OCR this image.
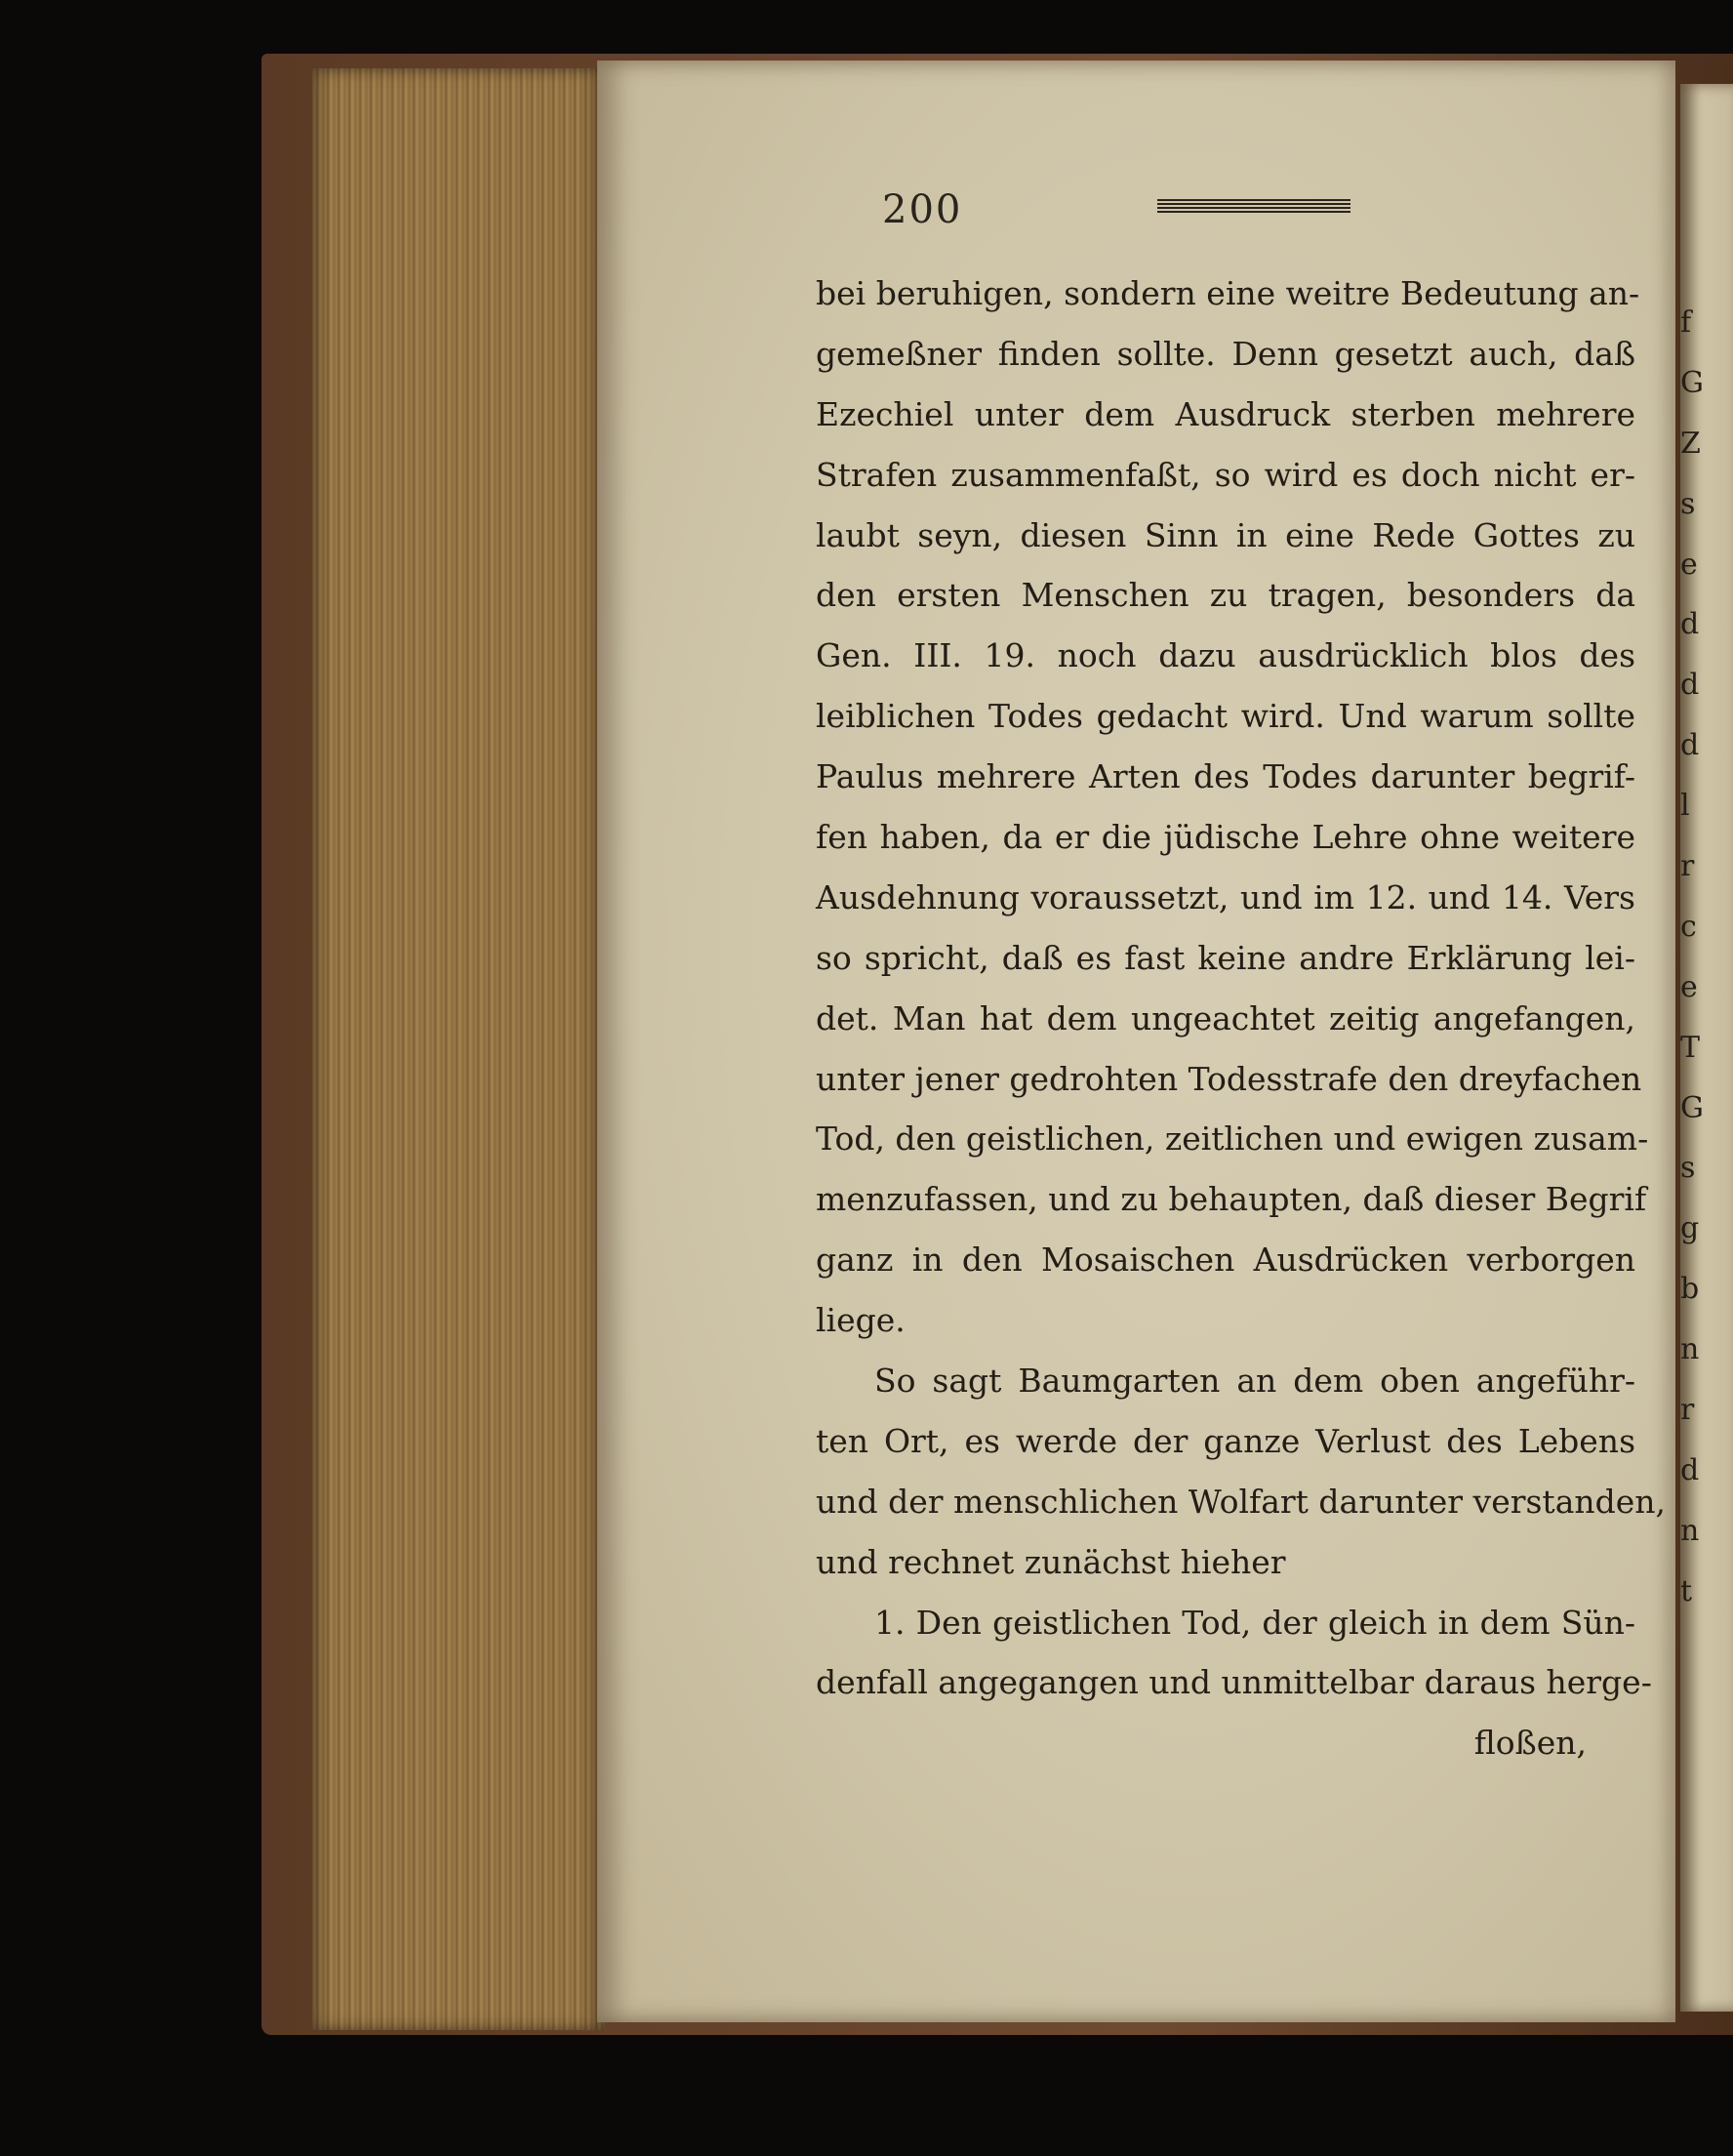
f
G
Z
s
e
d
d
d
l
r
c
e
T
G
s
g
b
n
r
d
n
t
200
bei beruhigen, sondern eine weitre Bedeutung an-
gemeßner finden sollte. Denn gesetzt auch, daß
Ezechiel unter dem Ausdruck sterben mehrere
Strafen zusammenfaßt, so wird es doch nicht er-
laubt seyn, diesen Sinn in eine Rede Gottes zu
den ersten Menschen zu tragen, besonders da
Gen. III. 19. noch dazu ausdrücklich blos des
leiblichen Todes gedacht wird. Und warum sollte
Paulus mehrere Arten des Todes darunter begrif-
fen haben, da er die jüdische Lehre ohne weitere
Ausdehnung voraussetzt, und im 12. und 14. Vers
so spricht, daß es fast keine andre Erklärung lei-
det. Man hat dem ungeachtet zeitig angefangen,
unter jener gedrohten Todesstrafe den dreyfachen
Tod, den geistlichen, zeitlichen und ewigen zusam-
menzufassen, und zu behaupten, daß dieser Begrif
ganz in den Mosaischen Ausdrücken verborgen
liege.
So sagt Baumgarten an dem oben angeführ-
ten Ort, es werde der ganze Verlust des Lebens
und der menschlichen Wolfart darunter verstanden,
und rechnet zunächst hieher
1. Den geistlichen Tod, der gleich in dem Sün-
denfall angegangen und unmittelbar daraus herge-
floßen,
